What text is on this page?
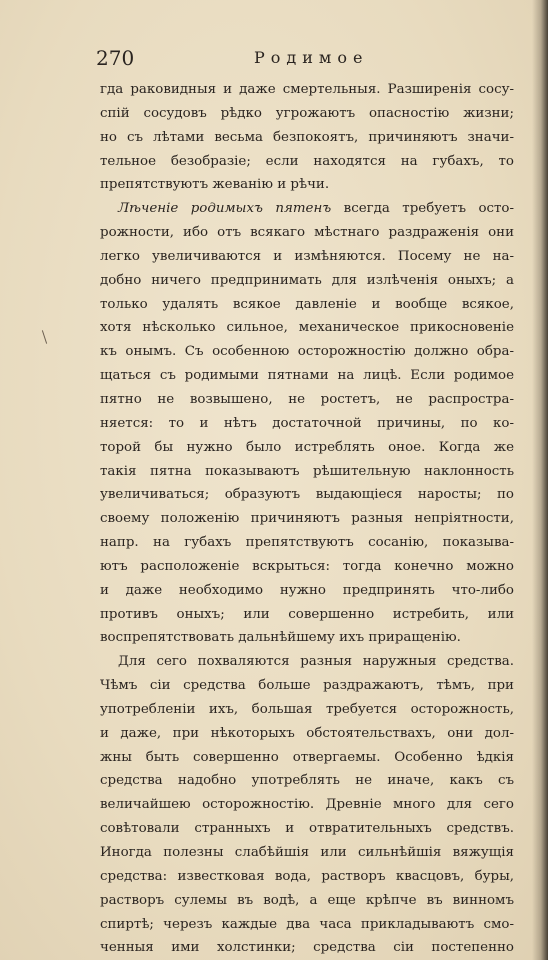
270	Родимое
гда раковидныя и даже смертельныя. Разширенія сосу-
спій сосудовъ рѣдко угрожаютъ опасностію жизни;
но съ лѣтами весьма безпокоятъ, причиняютъ значи-
тельное безобразіе; если находятся на губахъ, то
препятствуютъ жеванію и рѣчи.
Лѣченіе родимыхъ пятенъ всегда требуетъ осто-
рожности, ибо отъ всякаго мѣстнаго раздраженія они
легко увеличиваются и измѣняются. Посему не на-
добно ничего предпринимать для излѣченія оныхъ; а
только удалять всякое давленіе и вообще всякое,
хотя нѣсколько сильное, механическое прикосновеніе
къ онымъ. Съ особенною осторожностію должно обра-
щаться съ родимыми пятнами на лицѣ. Если родимое
пятно не возвышено, не ростетъ, не распростра-
няется: то и нѣтъ достаточной причины, по ко-
торой бы нужно было истреблять оное. Когда же
такія пятна показываютъ рѣшительную наклонность
увеличиваться; образуютъ выдающіеся наросты; по
своему положенію причиняютъ разныя непріятности,
напр. на губахъ препятствуютъ сосанію, показыва-
ютъ расположеніе вскрыться: тогда конечно можно
и даже необходимо нужно предпринять что-либо
противъ оныхъ; или совершенно истребить, или
воспрепятствовать дальнѣйшему ихъ приращенію.
Для сего похваляются разныя наружныя средства.
Чѣмъ сіи средства больше раздражаютъ, тѣмъ, при
употребленіи ихъ, большая требуется осторожность,
и даже, при нѣкоторыхъ обстоятельствахъ, они дол-
жны быть совершенно отвергаемы. Особенно ѣдкія
средства надобно употреблять не иначе, какъ съ
величайшею осторожностію. Древніе много для сего
совѣтовали странныхъ и отвратительныхъ средствъ.
Иногда полезны слабѣйшія или сильнѣйшія вяжущія
средства: известковая вода, растворъ квасцовъ, буры,
растворъ сулемы въ водѣ, а еще крѣпче въ винномъ
спиртѣ; черезъ каждые два часа прикладываютъ смо-
ченныя ими холстинки; средства сіи постепенно
